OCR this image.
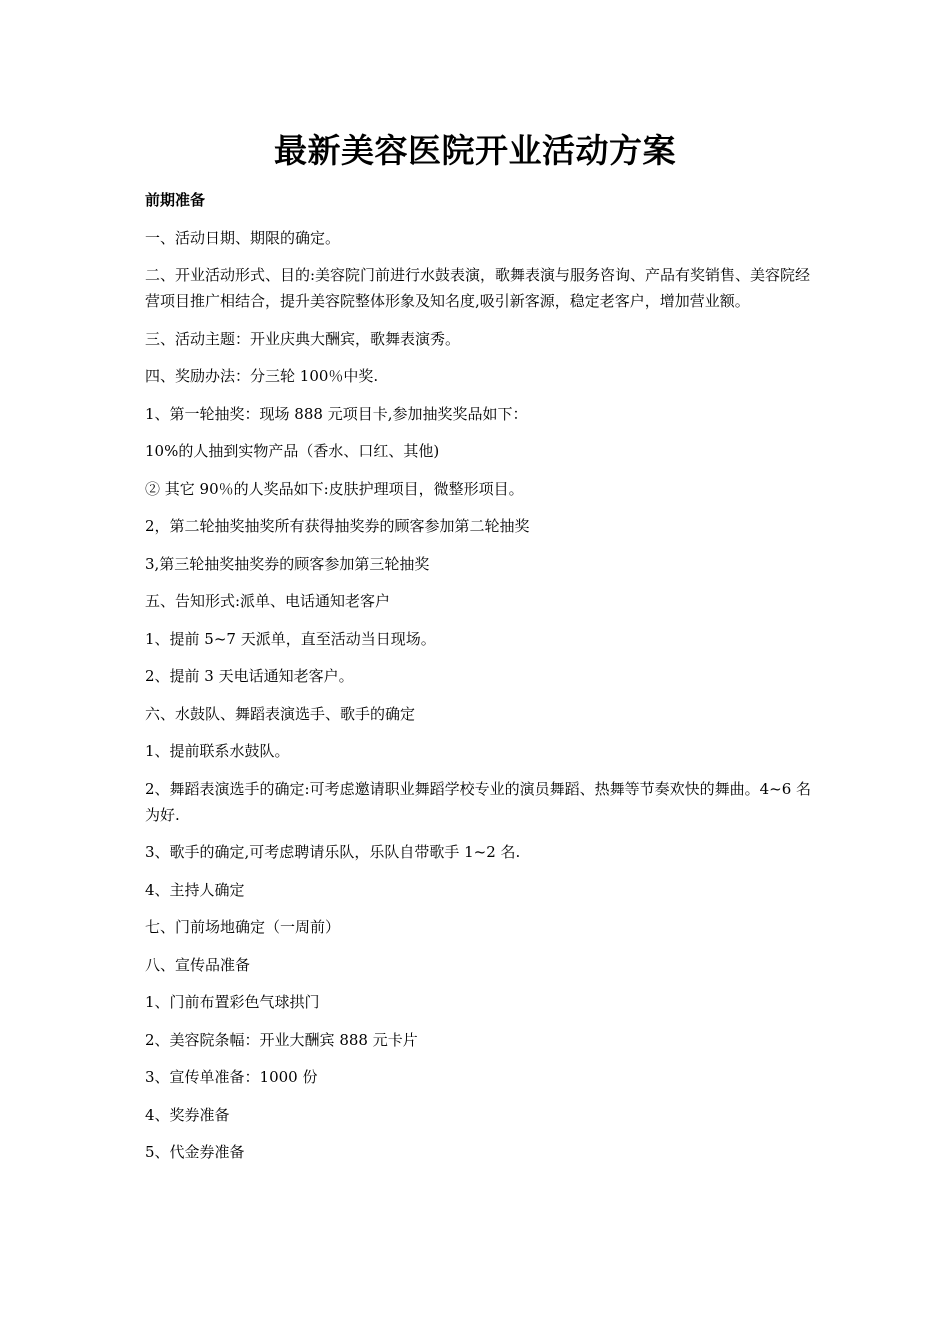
最新美容医院开业活动方案

前期准备

一、活动日期、期限的确定。

二、开业活动形式、目的:美容院门前进行水鼓表演，歌舞表演与服务咨询、产品有奖销售、美容院经营项目推广相结合，提升美容院整体形象及知名度,吸引新客源，稳定老客户，增加营业额。

三、活动主题：开业庆典大酬宾，歌舞表演秀。

四、奖励办法：分三轮 100％中奖.

1、第一轮抽奖：现场 888 元项目卡,参加抽奖奖品如下：

10%的人抽到实物产品（香水、口红、其他)

② 其它 90％的人奖品如下:皮肤护理项目，微整形项目。

2，第二轮抽奖抽奖所有获得抽奖券的顾客参加第二轮抽奖

3,第三轮抽奖抽奖券的顾客参加第三轮抽奖

五、告知形式:派单、电话通知老客户

1、提前 5~7 天派单，直至活动当日现场。

2、提前 3 天电话通知老客户。

六、水鼓队、舞蹈表演选手、歌手的确定

1、提前联系水鼓队。

2、舞蹈表演选手的确定:可考虑邀请职业舞蹈学校专业的演员舞蹈、热舞等节奏欢快的舞曲。4~6 名为好.

3、歌手的确定,可考虑聘请乐队，乐队自带歌手 1~2 名.

4、主持人确定

七、门前场地确定（一周前）

八、宣传品准备

1、门前布置彩色气球拱门

2、美容院条幅：开业大酬宾 888 元卡片

3、宣传单准备：1000 份

4、奖券准备

5、代金券准备
